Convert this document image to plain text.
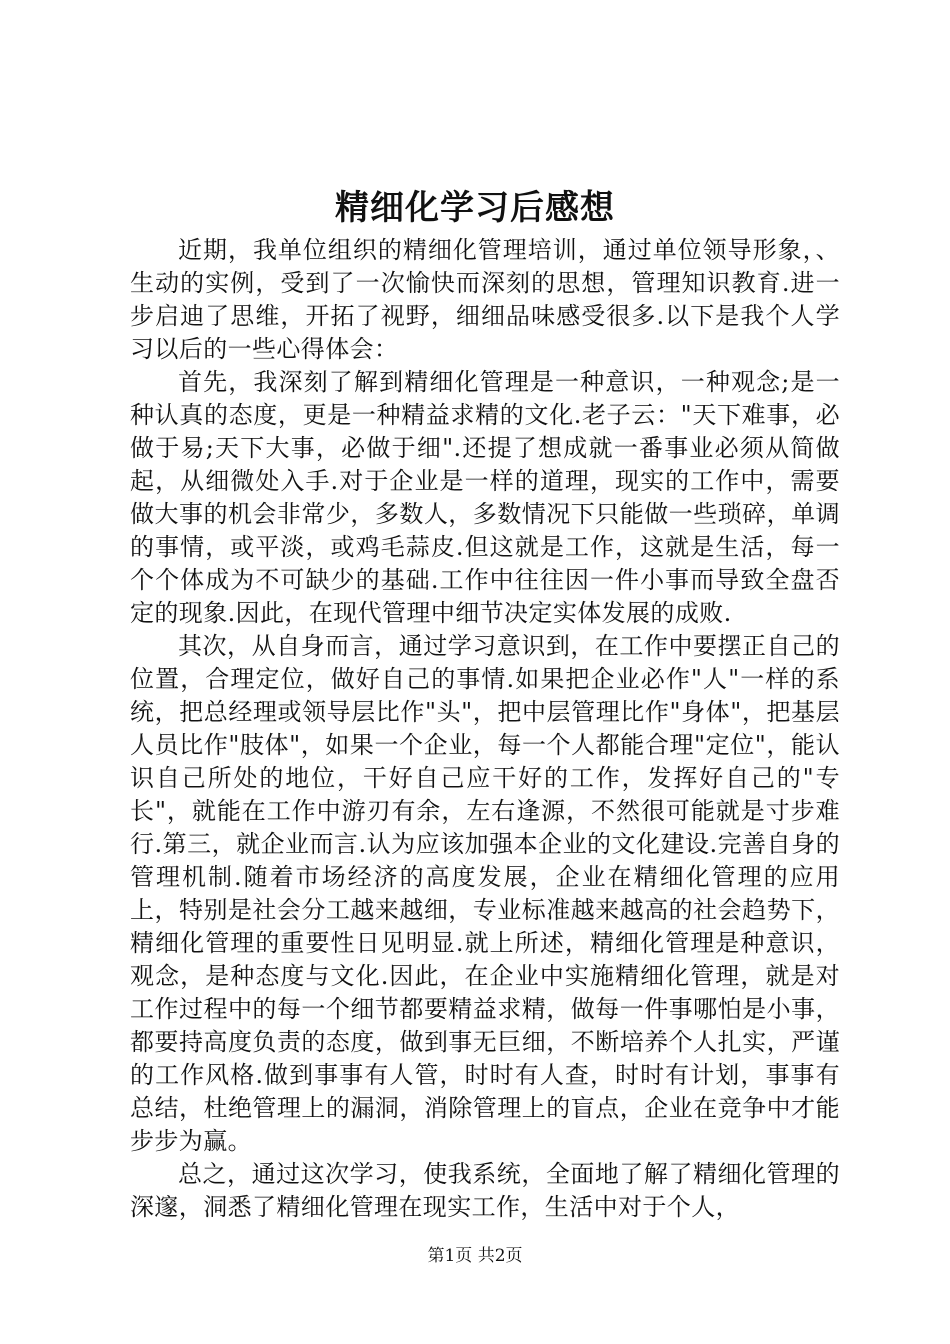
精细化学习后感想

近期，我单位组织的精细化管理培训，通过单位领导形象，、生动的实例，受到了一次愉快而深刻的思想，管理知识教育.进一步启迪了思维，开拓了视野，细细品味感受很多.以下是我个人学习以后的一些心得体会：

首先，我深刻了解到精细化管理是一种意识，一种观念;是一种认真的态度，更是一种精益求精的文化.老子云："天下难事，必做于易;天下大事，必做于细".还提了想成就一番事业必须从简做起，从细微处入手.对于企业是一样的道理，现实的工作中，需要做大事的机会非常少，多数人，多数情况下只能做一些琐碎，单调的事情，或平淡，或鸡毛蒜皮.但这就是工作，这就是生活，每一个个体成为不可缺少的基础.工作中往往因一件小事而导致全盘否定的现象.因此，在现代管理中细节决定实体发展的成败.

其次，从自身而言，通过学习意识到，在工作中要摆正自己的位置，合理定位，做好自己的事情.如果把企业必作"人"一样的系统，把总经理或领导层比作"头"，把中层管理比作"身体"，把基层人员比作"肢体"，如果一个企业，每一个人都能合理"定位"，能认识自己所处的地位，干好自己应干好的工作，发挥好自己的"专长"，就能在工作中游刃有余，左右逢源，不然很可能就是寸步难行.第三，就企业而言.认为应该加强本企业的文化建设.完善自身的管理机制.随着市场经济的高度发展，企业在精细化管理的应用上，特别是社会分工越来越细，专业标准越来越高的社会趋势下，精细化管理的重要性日见明显.就上所述，精细化管理是种意识，观念，是种态度与文化.因此，在企业中实施精细化管理，就是对工作过程中的每一个细节都要精益求精，做每一件事哪怕是小事，都要持高度负责的态度，做到事无巨细，不断培养个人扎实，严谨的工作风格.做到事事有人管，时时有人查，时时有计划，事事有总结，杜绝管理上的漏洞，消除管理上的盲点，企业在竞争中才能步步为赢。

总之，通过这次学习，使我系统，全面地了解了精细化管理的深邃，洞悉了精细化管理在现实工作，生活中对于个人，

第1页 共2页
